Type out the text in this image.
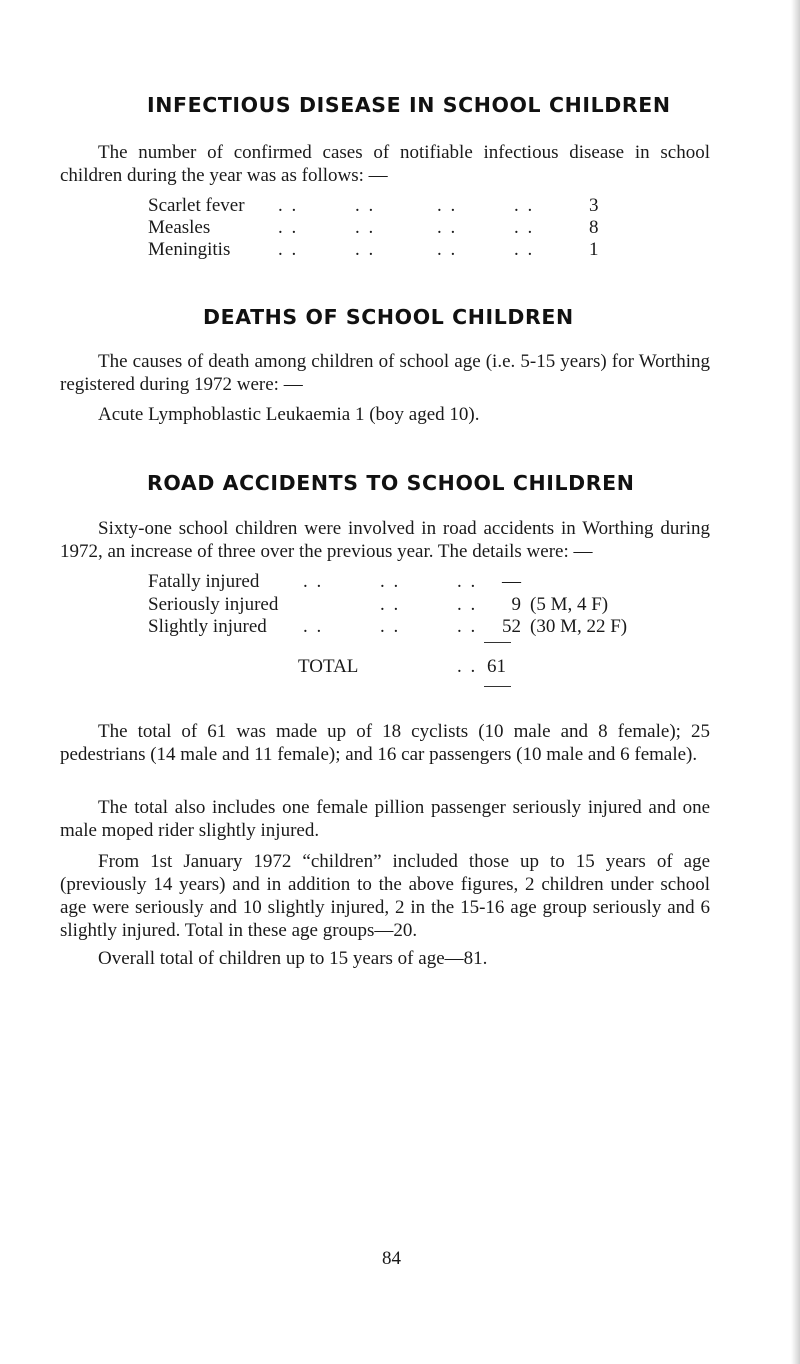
INFECTIOUS DISEASE IN SCHOOL CHILDREN

The number of confirmed cases of notifiable infectious disease in school children during the year was as follows: —

Scarlet fever . .	. .	. .	. .	3
Measles	. .	. .	. .	. .	8
Meningitis	. .	. .	. .	. .	1
DEATHS OF SCHOOL CHILDREN

The causes of death among children of school age (i.e. 5-15 years) for Worthing registered during 1972 were: —

Acute Lymphoblastic Leukaemia 1 (boy aged 10).

ROAD ACCIDENTS TO SCHOOL CHILDREN

Sixty-one school children were involved in road accidents in Worthing during 1972, an increase of three over the previous year. The details were: —

Fatally injured . .	. .	. .	—
Seriously injured	. .	. .	9 (5 M, 4 F)
Slightly injured . .	. .	. .	52 (30 M, 22 F)
TOTAL	. . 61

The total of 61 was made up of 18 cyclists (10 male and 8 female); 25 pedestrians (14 male and 11 female); and 16 car passengers (10 male and 6 female).

The total also includes one female pillion passenger seriously injured and one male moped rider slightly injured.

From 1st January 1972 “children” included those up to 15 years of age (previously 14 years) and in addition to the above figures, 2 children under school age were seriously and 10 slightly injured, 2 in the 15-16 age group seriously and 6 slightly injured. Total in these age groups—20.

Overall total of children up to 15 years of age—81.

84
